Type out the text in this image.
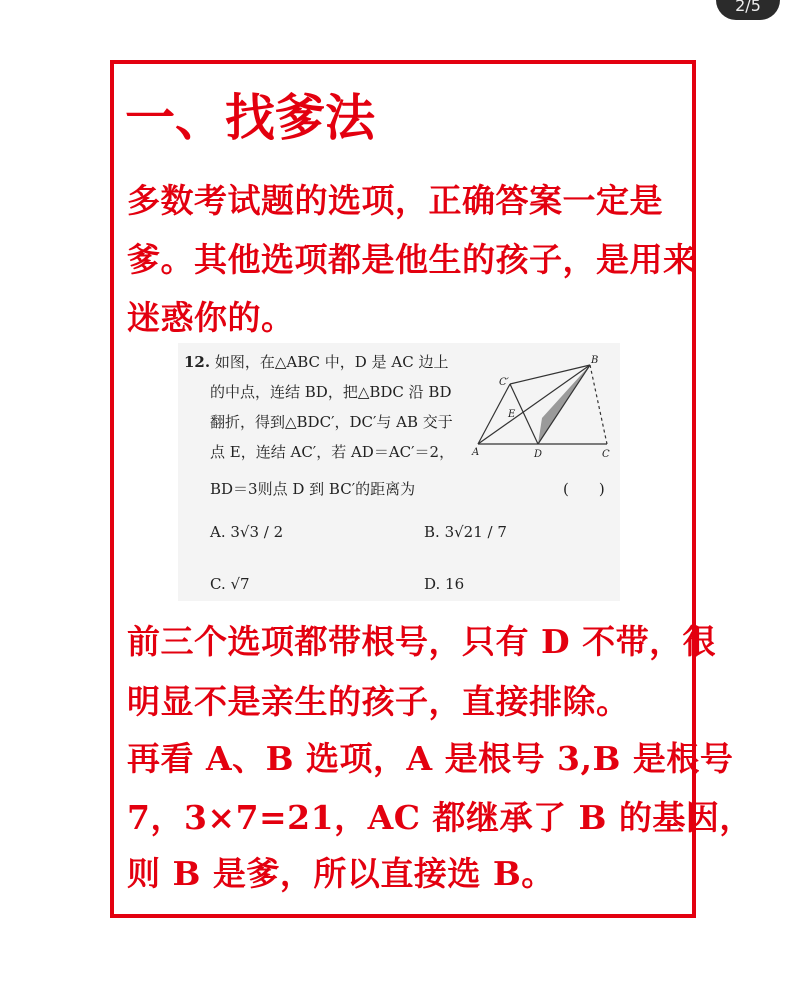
2/5
一、找爹法

多数考试题的选项，正确答案一定是

爹。其他选项都是他生的孩子，是用来

迷惑你的。

12. 如图，在△ABC 中，D 是 AC 边上

的中点，连结 BD，把△BDC 沿 BD

翻折，得到△BDC′，DC′与 AB 交于

点 E，连结 AC′，若 AD＝AC′＝2，

BD＝3则点 D 到 BC′的距离为	(　　)

A. 3√3 / 2	B. 3√21 / 7

C. √7	D. 16

A
B
C
D
E
C′

前三个选项都带根号，只有 D 不带，很

明显不是亲生的孩子，直接排除。

再看 A、B 选项，A 是根号 3,B 是根号

7，3×7=21，AC 都继承了 B 的基因，

则 B 是爹，所以直接选 B。
